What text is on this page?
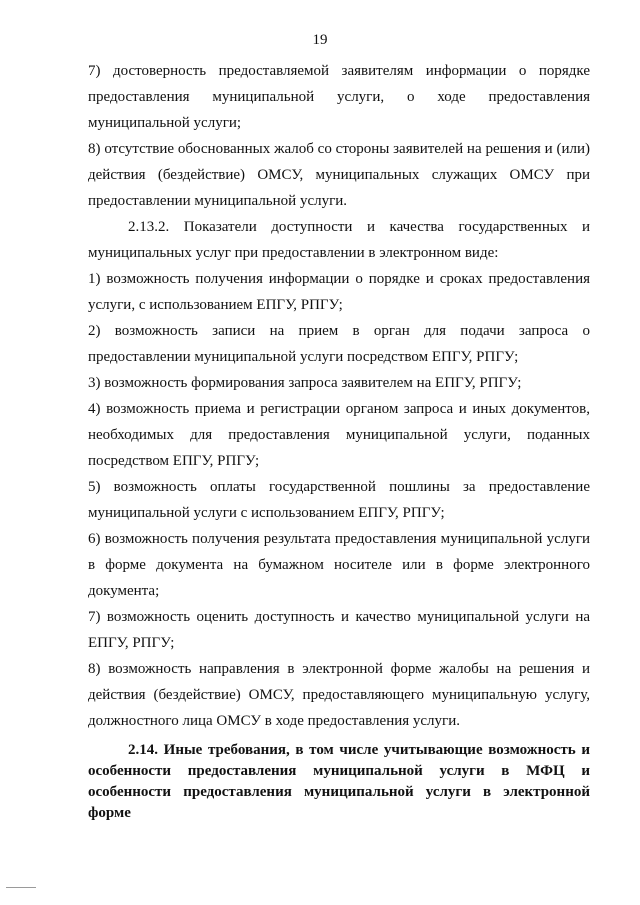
19

7) достоверность предоставляемой заявителям информации о порядке предоставления муниципальной услуги, о ходе предоставления муниципальной услуги;

8) отсутствие обоснованных жалоб со стороны заявителей на решения и (или) действия (бездействие) ОМСУ, муниципальных служащих ОМСУ при предоставлении муниципальной услуги.

2.13.2. Показатели доступности и качества государственных и муниципальных услуг при предоставлении в электронном виде:

1) возможность получения информации о порядке и сроках предоставления услуги, с использованием ЕПГУ, РПГУ;

2) возможность записи на прием в орган для подачи запроса о предоставлении муниципальной услуги посредством ЕПГУ, РПГУ;

3) возможность формирования запроса заявителем на ЕПГУ, РПГУ;

4) возможность приема и регистрации органом запроса и иных документов, необходимых для предоставления муниципальной услуги, поданных посредством ЕПГУ, РПГУ;

5) возможность оплаты государственной пошлины за предоставление муниципальной услуги с использованием ЕПГУ, РПГУ;

6) возможность получения результата предоставления муниципальной услуги в форме документа на бумажном носителе или в форме электронного документа;

7) возможность оценить доступность и качество муниципальной услуги на ЕПГУ, РПГУ;

8) возможность направления в электронной форме жалобы на решения и действия (бездействие) ОМСУ, предоставляющего муниципальную услугу, должностного лица ОМСУ в ходе предоставления услуги.

2.14. Иные требования, в том числе учитывающие возможность и особенности предоставления муниципальной услуги в МФЦ и особенности предоставления муниципальной услуги в электронной форме
